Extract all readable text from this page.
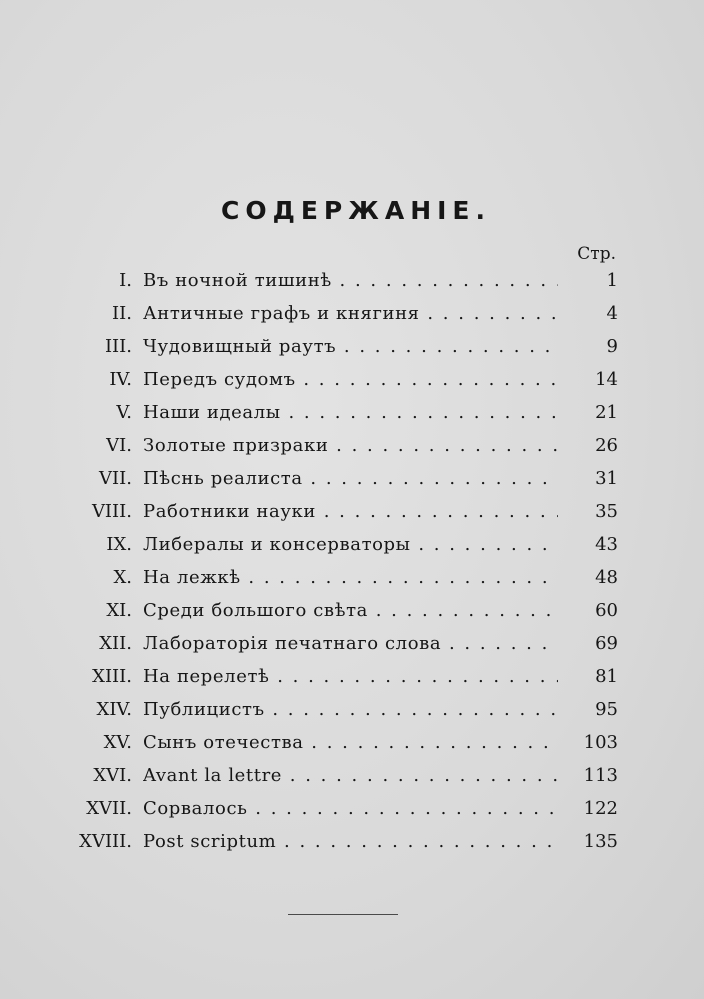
СОДЕРЖАНІЕ.
Стр.
I. Въ ночной тишинѣ . .	1
II. Античные графъ и княгиня . .	4
III. Чудовищный раутъ . .	9
IV. Передъ судомъ . .	14
V. Наши идеалы . .	21
VI. Золотые призраки . .	26
VII. Пѣснь реалиста . .	31
VIII. Работники науки . .	35
IX. Либералы и консерваторы . .	43
X. На лежкѣ . .	48
XI. Среди большого свѣта . .	60
XII. Лабораторія печатнаго слова . .	69
XIII. На перелетѣ . .	81
XIV. Публицистъ . .	95
XV. Сынъ отечества . .	103
XVI. Avant la lettre . .	113
XVII. Сорвалось . .	122
XVIII. Post scriptum . .	135
